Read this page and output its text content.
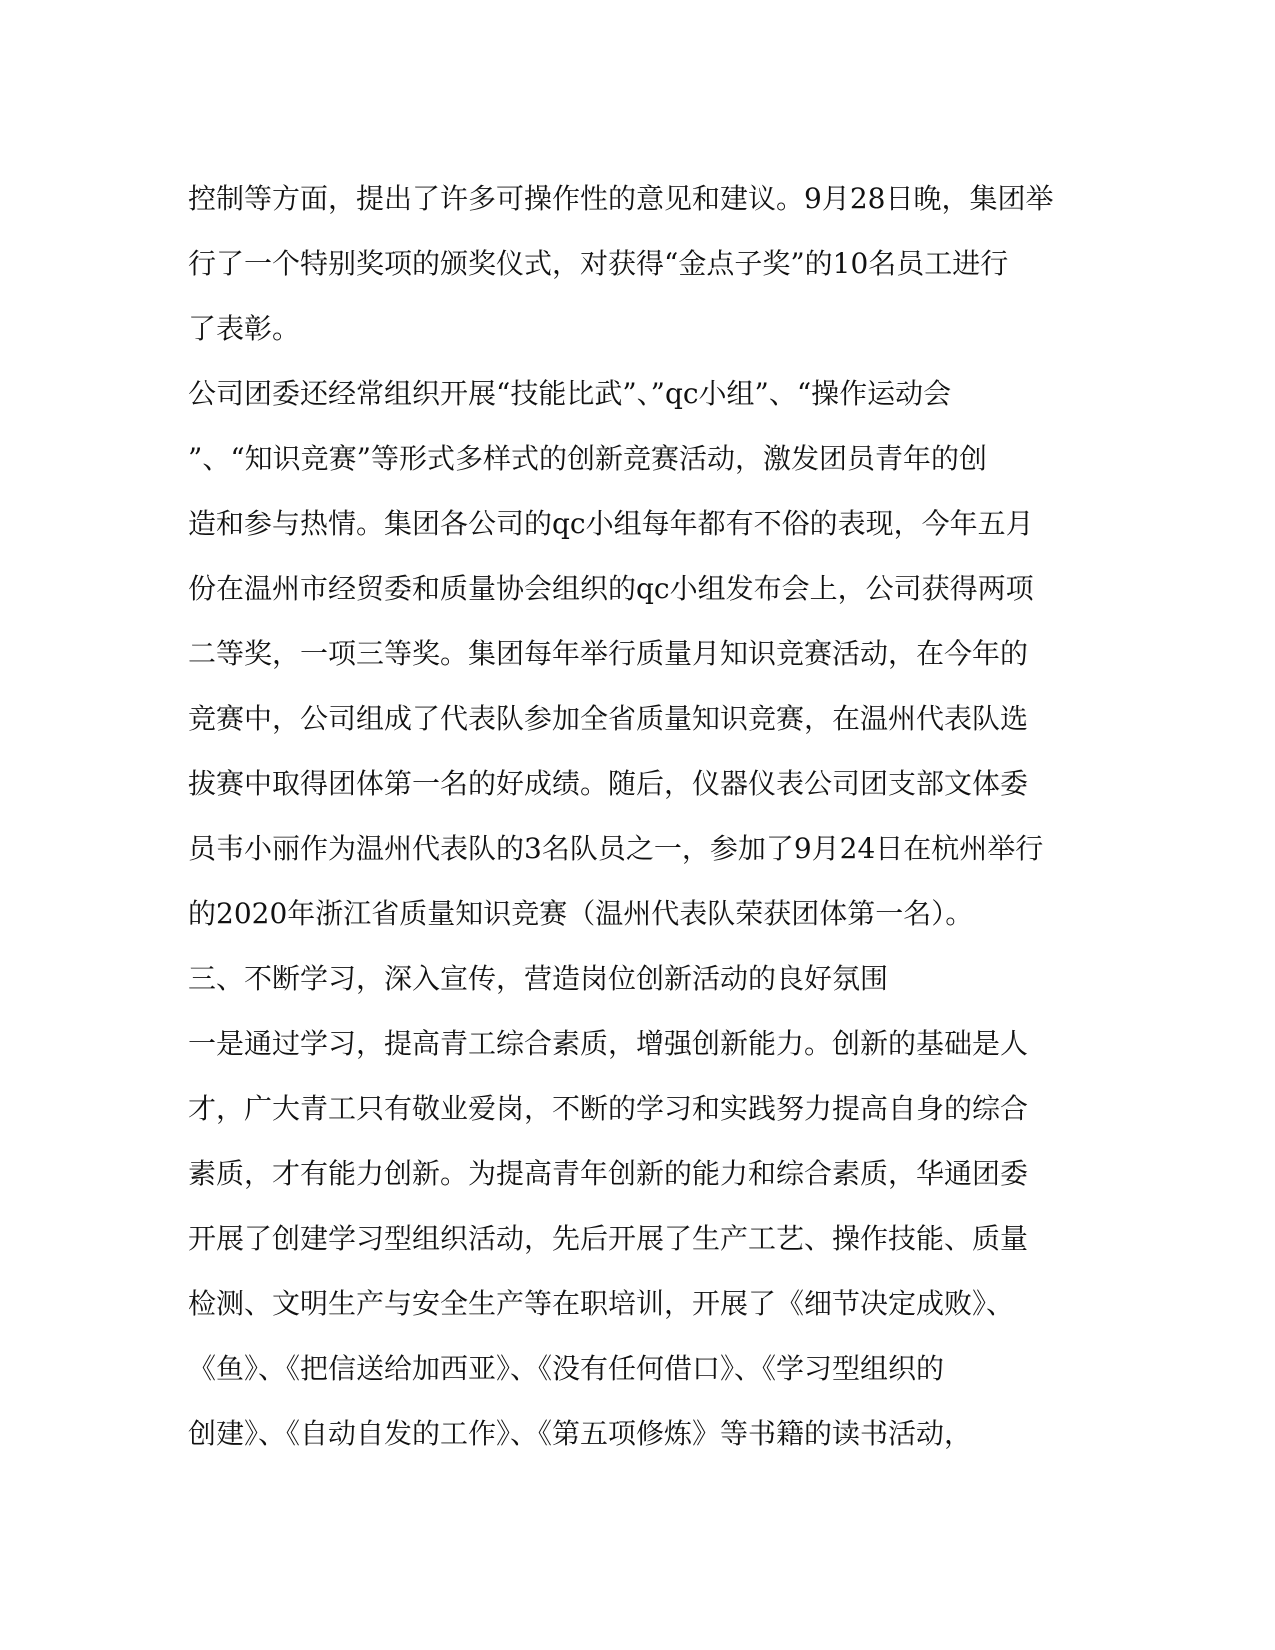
控制等方面，提出了许多可操作性的意见和建议。9月28日晚，集团举
行了一个特别奖项的颁奖仪式，对获得“金点子奖”的10名员工进行
了表彰。
公司团委还经常组织开展“技能比武”、”qc小组”、“操作运动会
”、“知识竞赛”等形式多样式的创新竞赛活动，激发团员青年的创
造和参与热情。集团各公司的qc小组每年都有不俗的表现，今年五月
份在温州市经贸委和质量协会组织的qc小组发布会上，公司获得两项
二等奖，一项三等奖。集团每年举行质量月知识竞赛活动，在今年的
竞赛中，公司组成了代表队参加全省质量知识竞赛，在温州代表队选
拔赛中取得团体第一名的好成绩。随后，仪器仪表公司团支部文体委
员韦小丽作为温州代表队的3名队员之一，参加了9月24日在杭州举行
的2020年浙江省质量知识竞赛（温州代表队荣获团体第一名）。
三、不断学习，深入宣传，营造岗位创新活动的良好氛围
一是通过学习，提高青工综合素质，增强创新能力。创新的基础是人
才，广大青工只有敬业爱岗，不断的学习和实践努力提高自身的综合
素质，才有能力创新。为提高青年创新的能力和综合素质，华通团委
开展了创建学习型组织活动，先后开展了生产工艺、操作技能、质量
检测、文明生产与安全生产等在职培训，开展了《细节决定成败》、
《鱼》、《把信送给加西亚》、《没有任何借口》、《学习型组织的
创建》、《自动自发的工作》、《第五项修炼》等书籍的读书活动，
